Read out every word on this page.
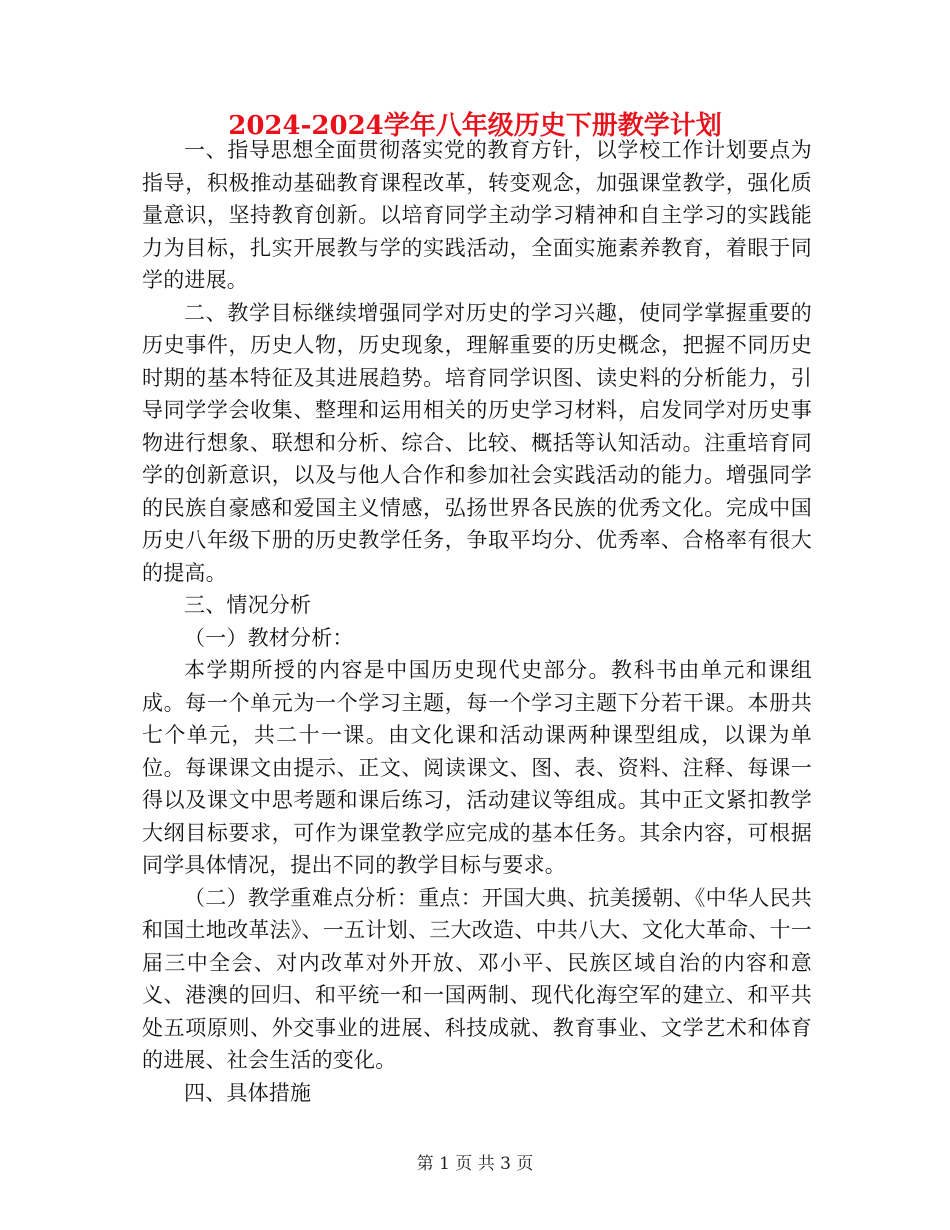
2024-2024学年八年级历史下册教学计划

一、指导思想全面贯彻落实党的教育方针，以学校工作计划要点为指导，积极推动基础教育课程改革，转变观念，加强课堂教学，强化质量意识，坚持教育创新。以培育同学主动学习精神和自主学习的实践能力为目标，扎实开展教与学的实践活动，全面实施素养教育，着眼于同学的进展。

二、教学目标继续增强同学对历史的学习兴趣，使同学掌握重要的历史事件，历史人物，历史现象，理解重要的历史概念，把握不同历史时期的基本特征及其进展趋势。培育同学识图、读史料的分析能力，引导同学学会收集、整理和运用相关的历史学习材料，启发同学对历史事物进行想象、联想和分析、综合、比较、概括等认知活动。注重培育同学的创新意识，以及与他人合作和参加社会实践活动的能力。增强同学的民族自豪感和爱国主义情感，弘扬世界各民族的优秀文化。完成中国历史八年级下册的历史教学任务，争取平均分、优秀率、合格率有很大的提高。

三、情况分析

（一）教材分析：

本学期所授的内容是中国历史现代史部分。教科书由单元和课组成。每一个单元为一个学习主题，每一个学习主题下分若干课。本册共七个单元，共二十一课。由文化课和活动课两种课型组成，以课为单位。每课课文由提示、正文、阅读课文、图、表、资料、注释、每课一得以及课文中思考题和课后练习，活动建议等组成。其中正文紧扣教学大纲目标要求，可作为课堂教学应完成的基本任务。其余内容，可根据同学具体情况，提出不同的教学目标与要求。

（二）教学重难点分析：重点：开国大典、抗美援朝、《中华人民共和国土地改革法》、一五计划、三大改造、中共八大、文化大革命、十一届三中全会、对内改革对外开放、邓小平、民族区域自治的内容和意义、港澳的回归、和平统一和一国两制、现代化海空军的建立、和平共处五项原则、外交事业的进展、科技成就、教育事业、文学艺术和体育的进展、社会生活的变化。

四、具体措施

第 1 页 共 3 页
